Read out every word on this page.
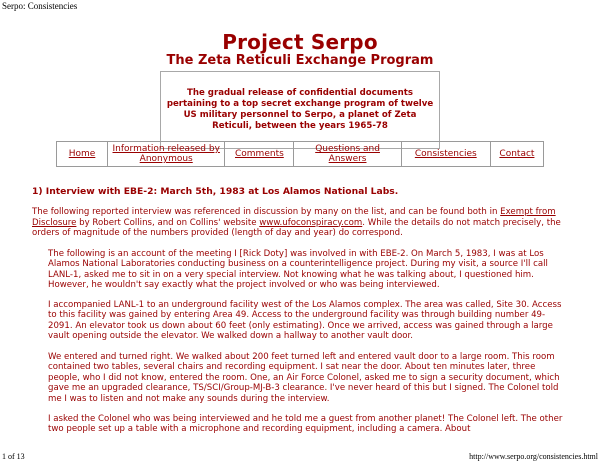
Serpo: Consistencies
Project Serpo
The Zeta Reticuli Exchange Program
The gradual release of confidential documents pertaining to a top secret exchange program of twelve US military personnel to Serpo, a planet of Zeta Reticuli, between the years 1965-78
Home	Information released by Anonymous	Comments	Questions and Answers	Consistencies	Contact
1) Interview with EBE-2: March 5th, 1983 at Los Alamos National Labs.
The following reported interview was referenced in discussion by many on the list, and can be found both in Exempt from Disclosure by Robert Collins, and on Collins' website www.ufoconspiracy.com. While the details do not match precisely, the orders of magnitude of the numbers provided (length of day and year) do correspond.

The following is an account of the meeting I [Rick Doty] was involved in with EBE-2. On March 5, 1983, I was at Los Alamos National Laboratories conducting business on a counterintelligence project. During my visit, a source I'll call LANL-1, asked me to sit in on a very special interview. Not knowing what he was talking about, I questioned him. However, he wouldn't say exactly what the project involved or who was being interviewed.

I accompanied LANL-1 to an underground facility west of the Los Alamos complex. The area was called, Site 30. Access to this facility was gained by entering Area 49. Access to the underground facility was through building number 49-2091. An elevator took us down about 60 feet (only estimating). Once we arrived, access was gained through a large vault opening outside the elevator. We walked down a hallway to another vault door.

We entered and turned right. We walked about 200 feet turned left and entered vault door to a large room. This room contained two tables, several chairs and recording equipment. I sat near the door. About ten minutes later, three people, who I did not know, entered the room. One, an Air Force Colonel, asked me to sign a security document, which gave me an upgraded clearance, TS/SCI/Group-MJ-B-3 clearance. I've never heard of this but I signed. The Colonel told me I was to listen and not make any sounds during the interview.

I asked the Colonel who was being interviewed and he told me a guest from another planet! The Colonel left. The other two people set up a table with a microphone and recording equipment, including a camera. About

1 of 13	http://www.serpo.org/consistencies.html
